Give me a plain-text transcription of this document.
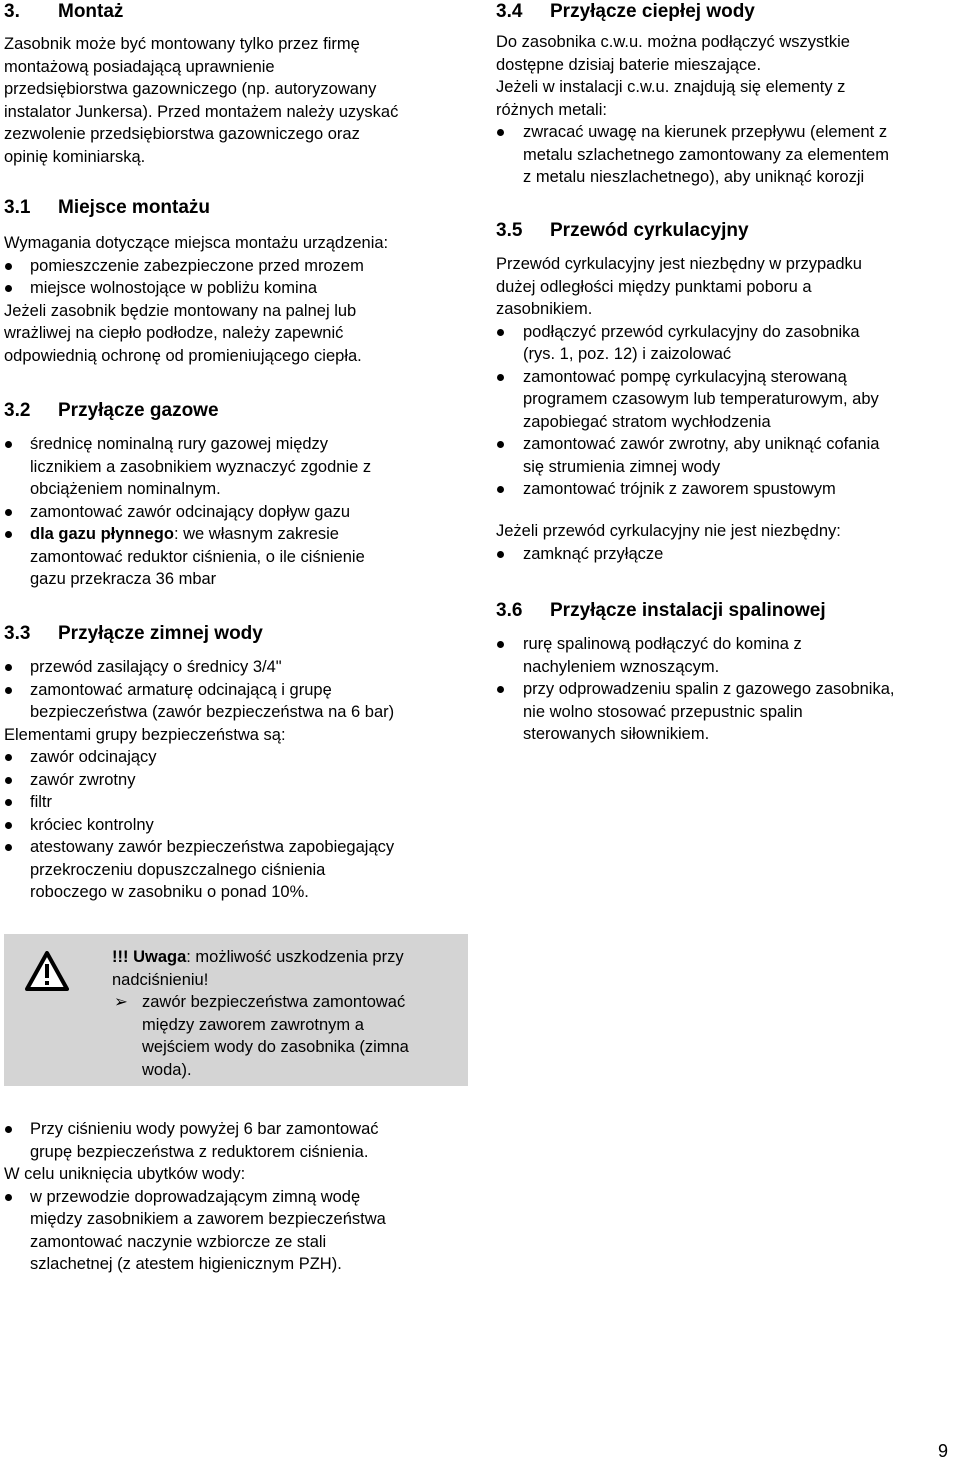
3.	Montaż
Zasobnik może być montowany tylko przez firmę
montażową posiadającą uprawnienie
przedsiębiorstwa gazowniczego (np. autoryzowany
instalator Junkersa). Przed montażem należy uzyskać
zezwolenie przedsiębiorstwa gazowniczego oraz
opinię kominiarską.
3.1	Miejsce montażu
Wymagania dotyczące miejsca montażu urządzenia:
pomieszczenie zabezpieczone przed mrozem
miejsce wolnostojące w pobliżu komina
Jeżeli zasobnik będzie montowany na palnej lub
wrażliwej na ciepło podłodze, należy zapewnić
odpowiednią ochronę od promieniującego ciepła.
3.2	Przyłącze gazowe
średnicę nominalną rury gazowej między
licznikiem a zasobnikiem wyznaczyć zgodnie z
obciążeniem nominalnym.
zamontować zawór odcinający dopływ gazu
dla gazu płynnego: we własnym zakresie
zamontować reduktor ciśnienia, o ile ciśnienie
gazu przekracza 36 mbar
3.3	Przyłącze zimnej wody
przewód zasilający o średnicy 3/4"
zamontować armaturę odcinającą i grupę
bezpieczeństwa (zawór bezpieczeństwa na 6 bar)
Elementami grupy bezpieczeństwa są:
zawór odcinający
zawór zwrotny
filtr
króciec kontrolny
atestowany zawór bezpieczeństwa zapobiegający
przekroczeniu dopuszczalnego ciśnienia
roboczego w zasobniku o ponad 10%.
!!! Uwaga: możliwość uszkodzenia przy
nadciśnieniu!
➢ zawór bezpieczeństwa zamontować
między zaworem zawrotnym a
wejściem wody do zasobnika (zimna
woda).
Przy ciśnieniu wody powyżej 6 bar zamontować
grupę bezpieczeństwa z reduktorem ciśnienia.
W celu uniknięcia ubytków wody:
w przewodzie doprowadzającym zimną wodę
między zasobnikiem a zaworem bezpieczeństwa
zamontować naczynie wzbiorcze ze stali
szlachetnej (z atestem higienicznym PZH).
3.4	Przyłącze ciepłej wody
Do zasobnika c.w.u. można podłączyć wszystkie
dostępne dzisiaj baterie mieszające.
Jeżeli w instalacji c.w.u. znajdują się elementy z
różnych metali:
zwracać uwagę na kierunek przepływu (element z
metalu szlachetnego zamontowany za elementem
z metalu nieszlachetnego), aby uniknąć korozji
3.5	Przewód cyrkulacyjny
Przewód cyrkulacyjny jest niezbędny w przypadku
dużej odległości między punktami poboru a
zasobnikiem.
podłączyć przewód cyrkulacyjny do zasobnika
(rys. 1, poz. 12) i zaizolować
zamontować pompę cyrkulacyjną sterowaną
programem czasowym lub temperaturowym, aby
zapobiegać stratom wychłodzenia
zamontować zawór zwrotny, aby uniknąć cofania
się strumienia zimnej wody
zamontować trójnik z zaworem spustowym
Jeżeli przewód cyrkulacyjny nie jest niezbędny:
zamknąć przyłącze
3.6	Przyłącze instalacji spalinowej
rurę spalinową podłączyć do komina z
nachyleniem wznoszącym.
przy odprowadzeniu spalin z gazowego zasobnika,
nie wolno stosować przepustnic spalin
sterowanych siłownikiem.
9
